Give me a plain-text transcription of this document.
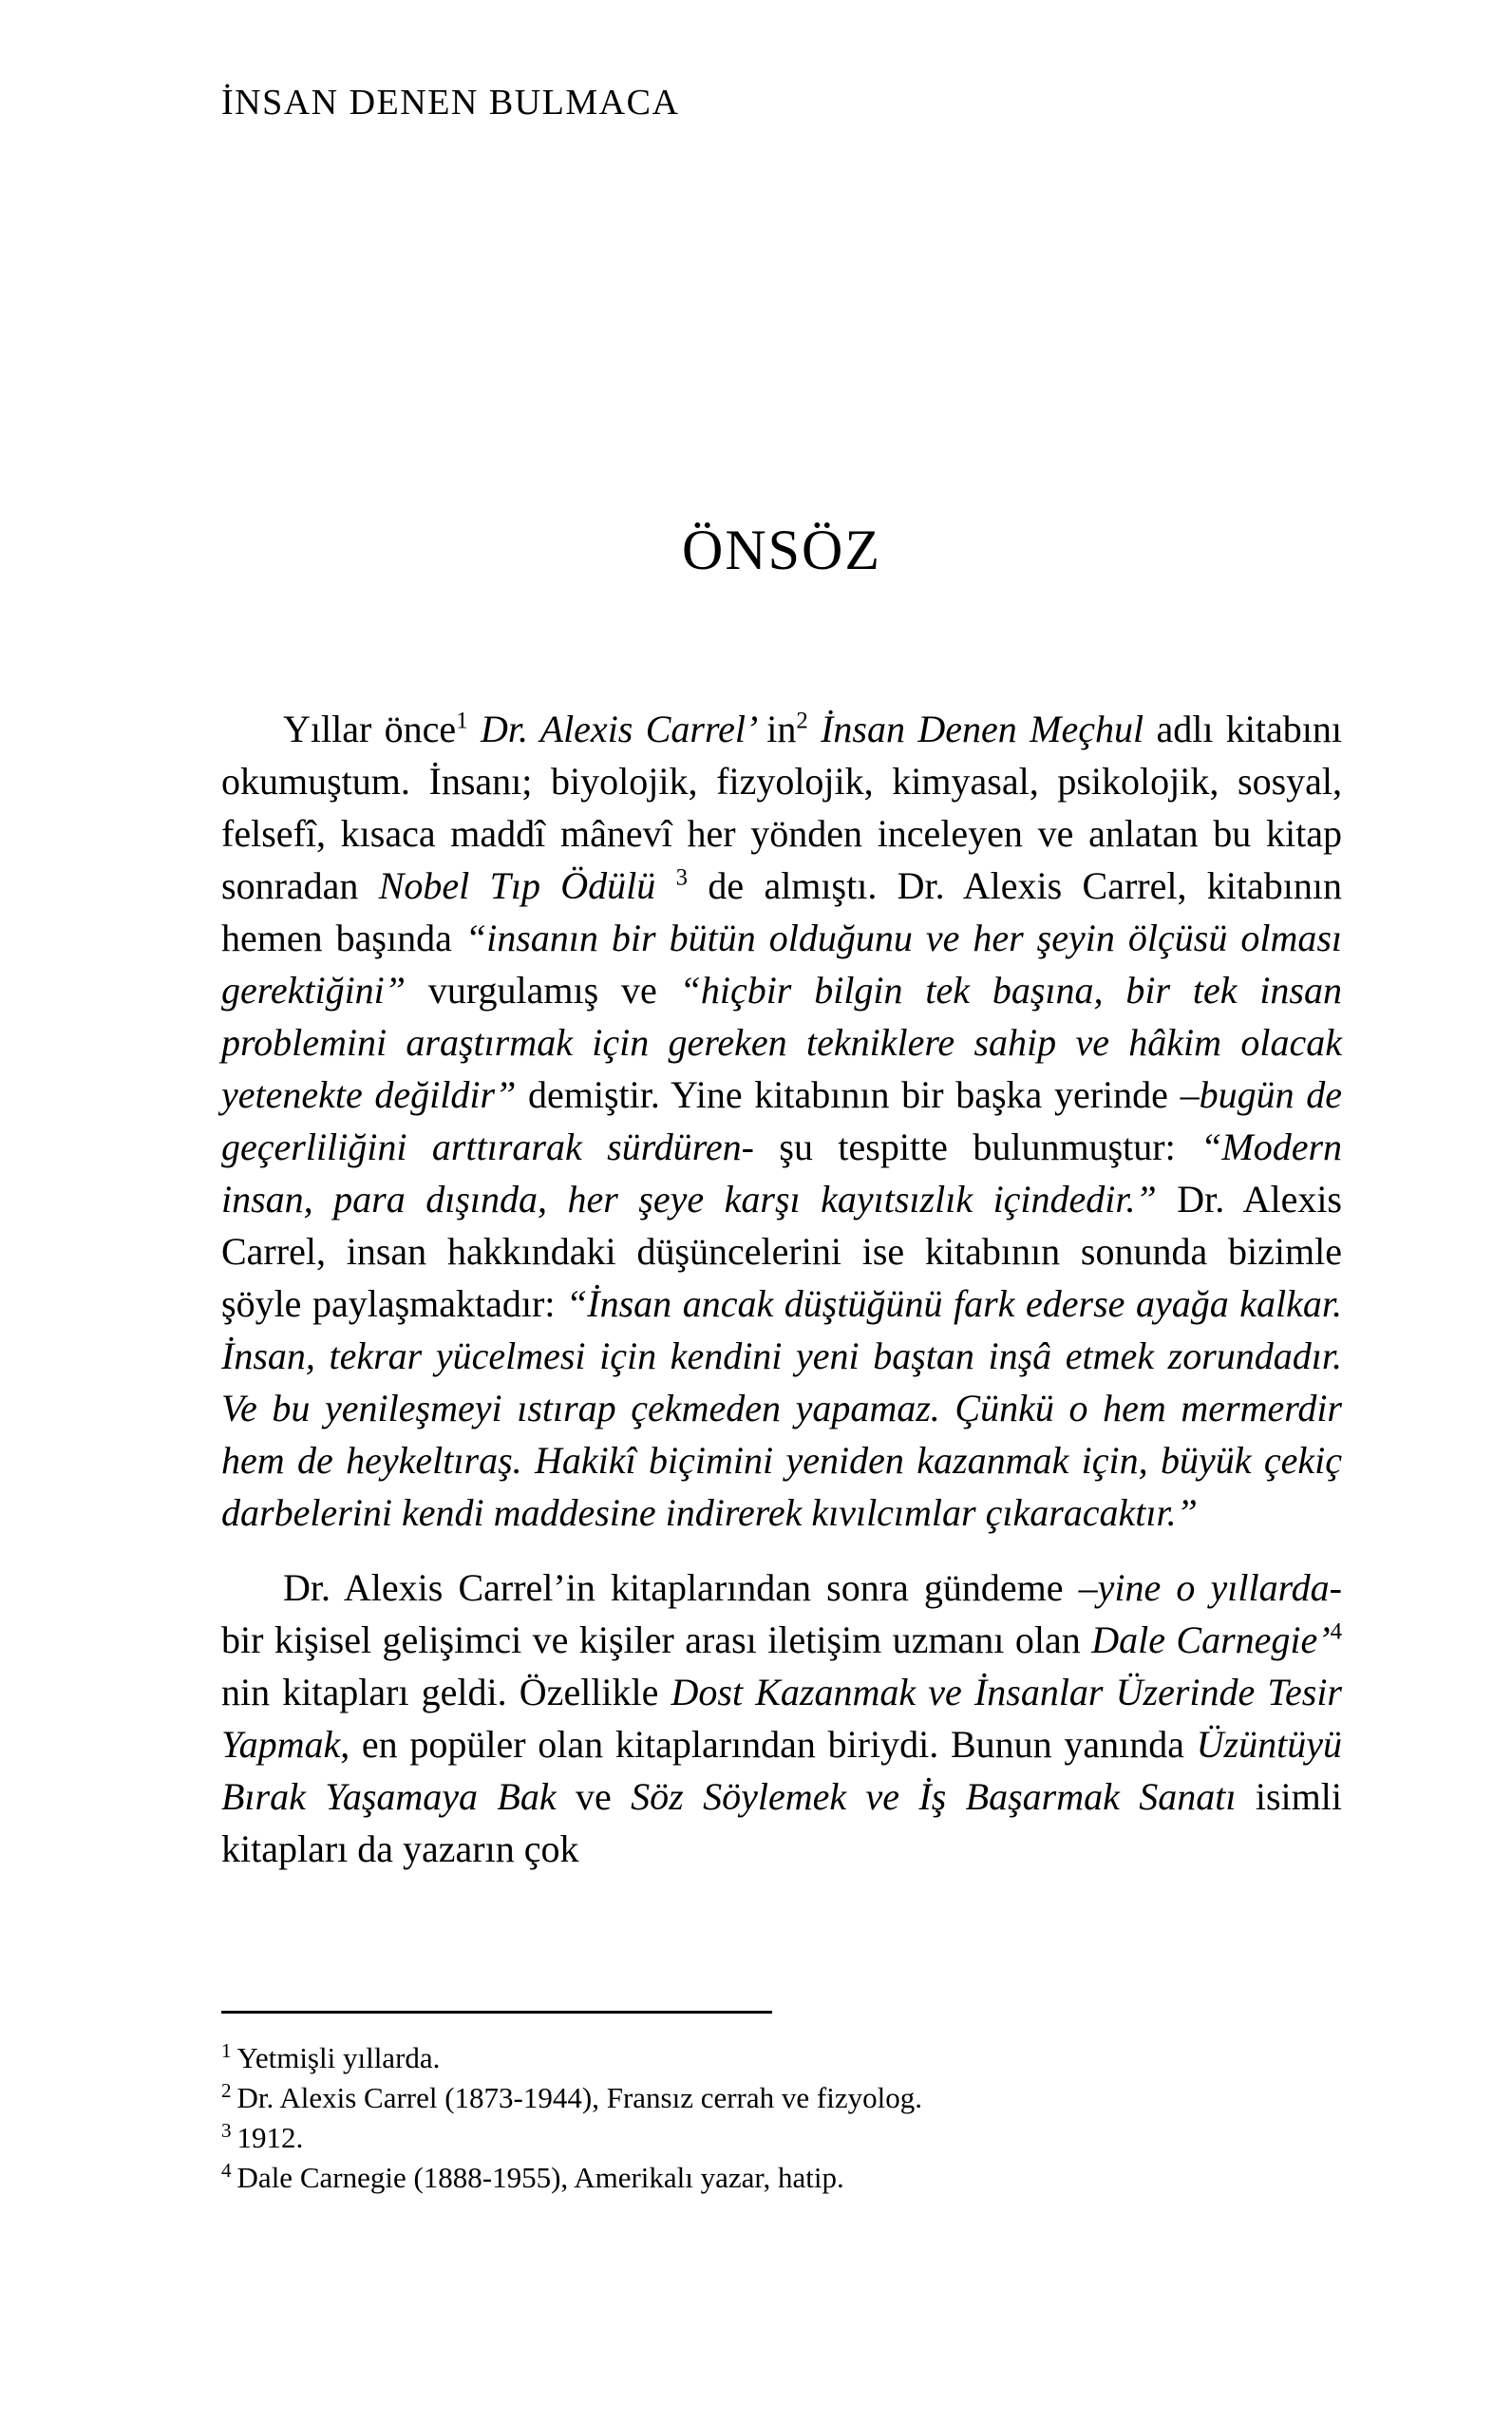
İNSAN DENEN BULMACA
ÖNSÖZ

Yıllar önce$^1$ Dr. Alexis Carrel’ in$^2$ İnsan Denen Meçhul adlı kitabını okumuştum. İnsanı; biyolojik, fizyolojik, kimyasal, psikolojik, sosyal, felsefî, kısaca maddî mânevî her yönden inceleyen ve anlatan bu kitap sonradan Nobel Tıp Ödülü $^3$ de almıştı. Dr. Alexis Carrel, kitabının hemen başında “insanın bir bütün olduğunu ve her şeyin ölçüsü olması gerektiğini” vurgulamış ve “hiçbir bilgin tek başına, bir tek insan problemini araştırmak için gereken tekniklere sahip ve hâkim olacak yetenekte değildir” demiştir. Yine kitabının bir başka yerinde –bugün de geçerliliğini arttırarak sürdüren- şu tespitte bulunmuştur: “Modern insan, para dışında, her şeye karşı kayıtsızlık içindedir.” Dr. Alexis Carrel, insan hakkındaki düşüncelerini ise kitabının sonunda bizimle şöyle paylaşmaktadır: “İnsan ancak düştüğünü fark ederse ayağa kalkar. İnsan, tekrar yücelmesi için kendini yeni baştan inşâ etmek zorundadır. Ve bu yenileşmeyi ıstırap çekmeden yapamaz. Çünkü o hem mermerdir hem de heykeltıraş. Hakikî biçimini yeniden kazanmak için, büyük çekiç darbelerini kendi maddesine indirerek kıvılcımlar çıkaracaktır.”

Dr. Alexis Carrel’in kitaplarından sonra gündeme –yine o yıllarda- bir kişisel gelişimci ve kişiler arası iletişim uzmanı olan Dale Carnegie’$^4$ nin kitapları geldi. Özellikle Dost Kazanmak ve İnsanlar Üzerinde Tesir Yapmak, en popüler olan kitaplarından biriydi. Bunun yanında Üzüntüyü Bırak Yaşamaya Bak ve Söz Söylemek ve İş Başarmak Sanatı isimli kitapları da yazarın çok

$^1$ Yetmişli yıllarda.

$^2$ Dr. Alexis Carrel (1873-1944), Fransız cerrah ve fizyolog.

$^3$ 1912.

$^4$ Dale Carnegie (1888-1955), Amerikalı yazar, hatip.
